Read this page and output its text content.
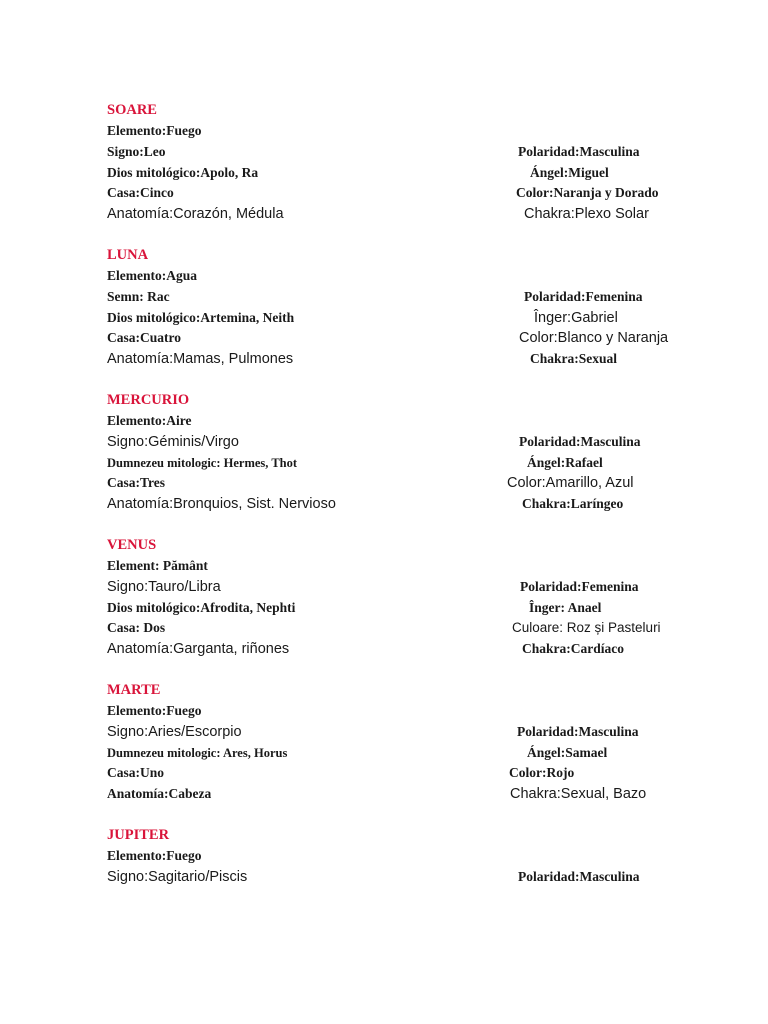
SOARE
Elemento:Fuego
Signo:Leo	Polaridad:Masculina
Dios mitológico:Apolo, Ra	Ángel:Miguel
Casa:Cinco	Color:Naranja y Dorado
Anatomía:Corazón, Médula	Chakra:Plexo Solar
LUNA
Elemento:Agua
Semn: Rac	Polaridad:Femenina
Dios mitológico:Artemina, Neith	Înger:Gabriel
Casa:Cuatro	Color:Blanco y Naranja
Anatomía:Mamas, Pulmones	Chakra:Sexual
MERCURIO
Elemento:Aire
Signo:Géminis/Virgo	Polaridad:Masculina
Dumnezeu mitologic: Hermes, Thot	Ángel:Rafael
Casa:Tres	Color:Amarillo, Azul
Anatomía:Bronquios, Sist. Nervioso	Chakra:Laríngeo
VENUS
Element: Pământ
Signo:Tauro/Libra	Polaridad:Femenina
Dios mitológico:Afrodita, Nephti	Înger: Anael
Casa: Dos	Culoare: Roz și Pasteluri
Anatomía:Garganta, riñones	Chakra:Cardíaco
MARTE
Elemento:Fuego
Signo:Aries/Escorpio	Polaridad:Masculina
Dumnezeu mitologic: Ares, Horus	Ángel:Samael
Casa:Uno	Color:Rojo
Anatomía:Cabeza	Chakra:Sexual, Bazo
JUPITER
Elemento:Fuego
Signo:Sagitario/Piscis	Polaridad:Masculina
